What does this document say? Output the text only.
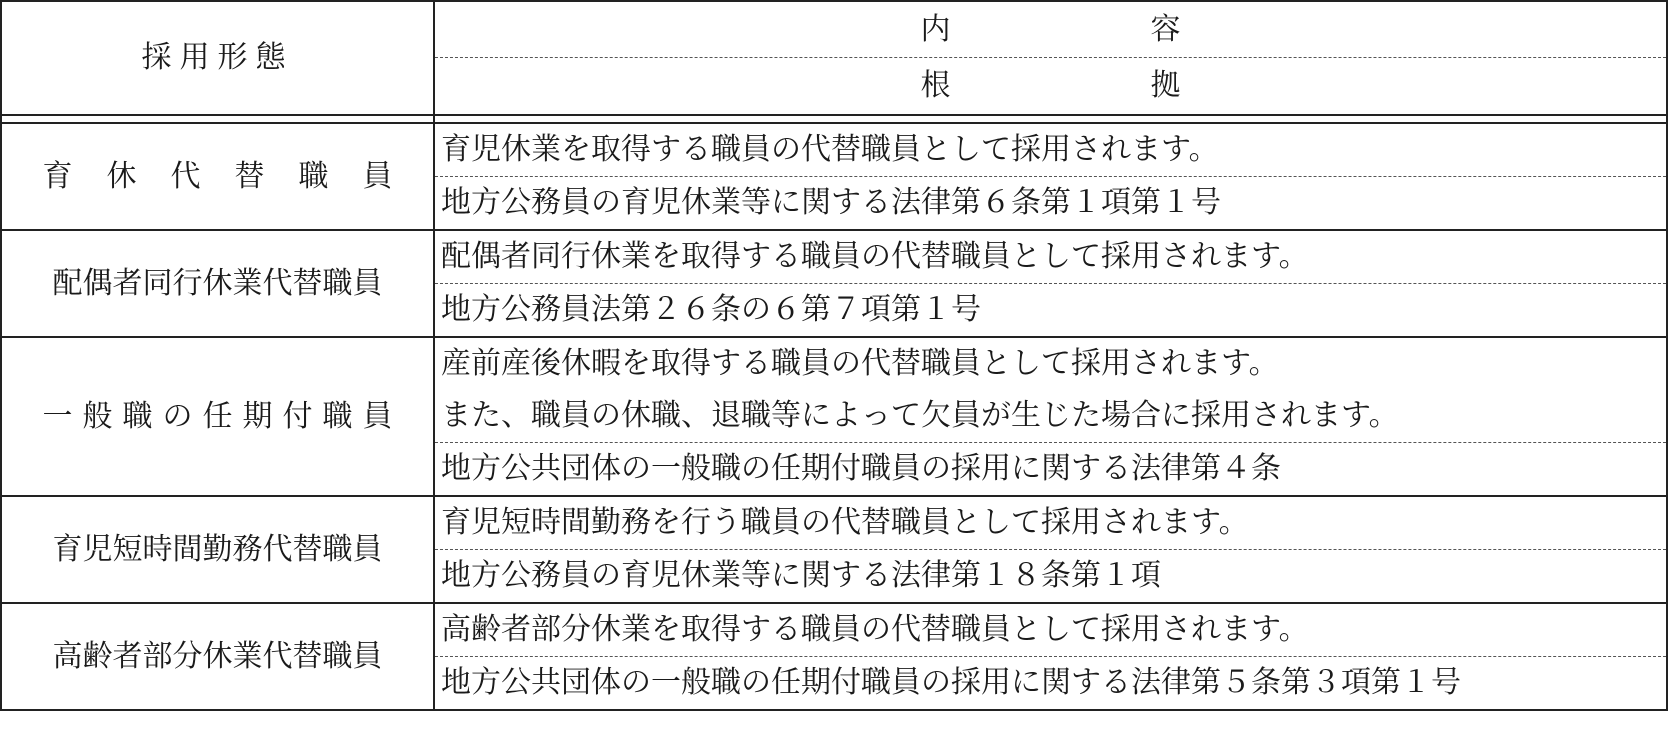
採用形態	内容
	根拠

育休代替職員	育児休業を取得する職員の代替職員として採用されます。
	地方公務員の育児休業等に関する法律第６条第１項第１号
配偶者同行休業代替職員	配偶者同行休業を取得する職員の代替職員として採用されます。
	地方公務員法第２６条の６第７項第１号
一般職の任期付職員	産前産後休暇を取得する職員の代替職員として採用されます。
	また、職員の休職、退職等によって欠員が生じた場合に採用されます。
	地方公共団体の一般職の任期付職員の採用に関する法律第４条
育児短時間勤務代替職員	育児短時間勤務を行う職員の代替職員として採用されます。
	地方公務員の育児休業等に関する法律第１８条第１項
高齢者部分休業代替職員	高齢者部分休業を取得する職員の代替職員として採用されます。
	地方公共団体の一般職の任期付職員の採用に関する法律第５条第３項第１号
